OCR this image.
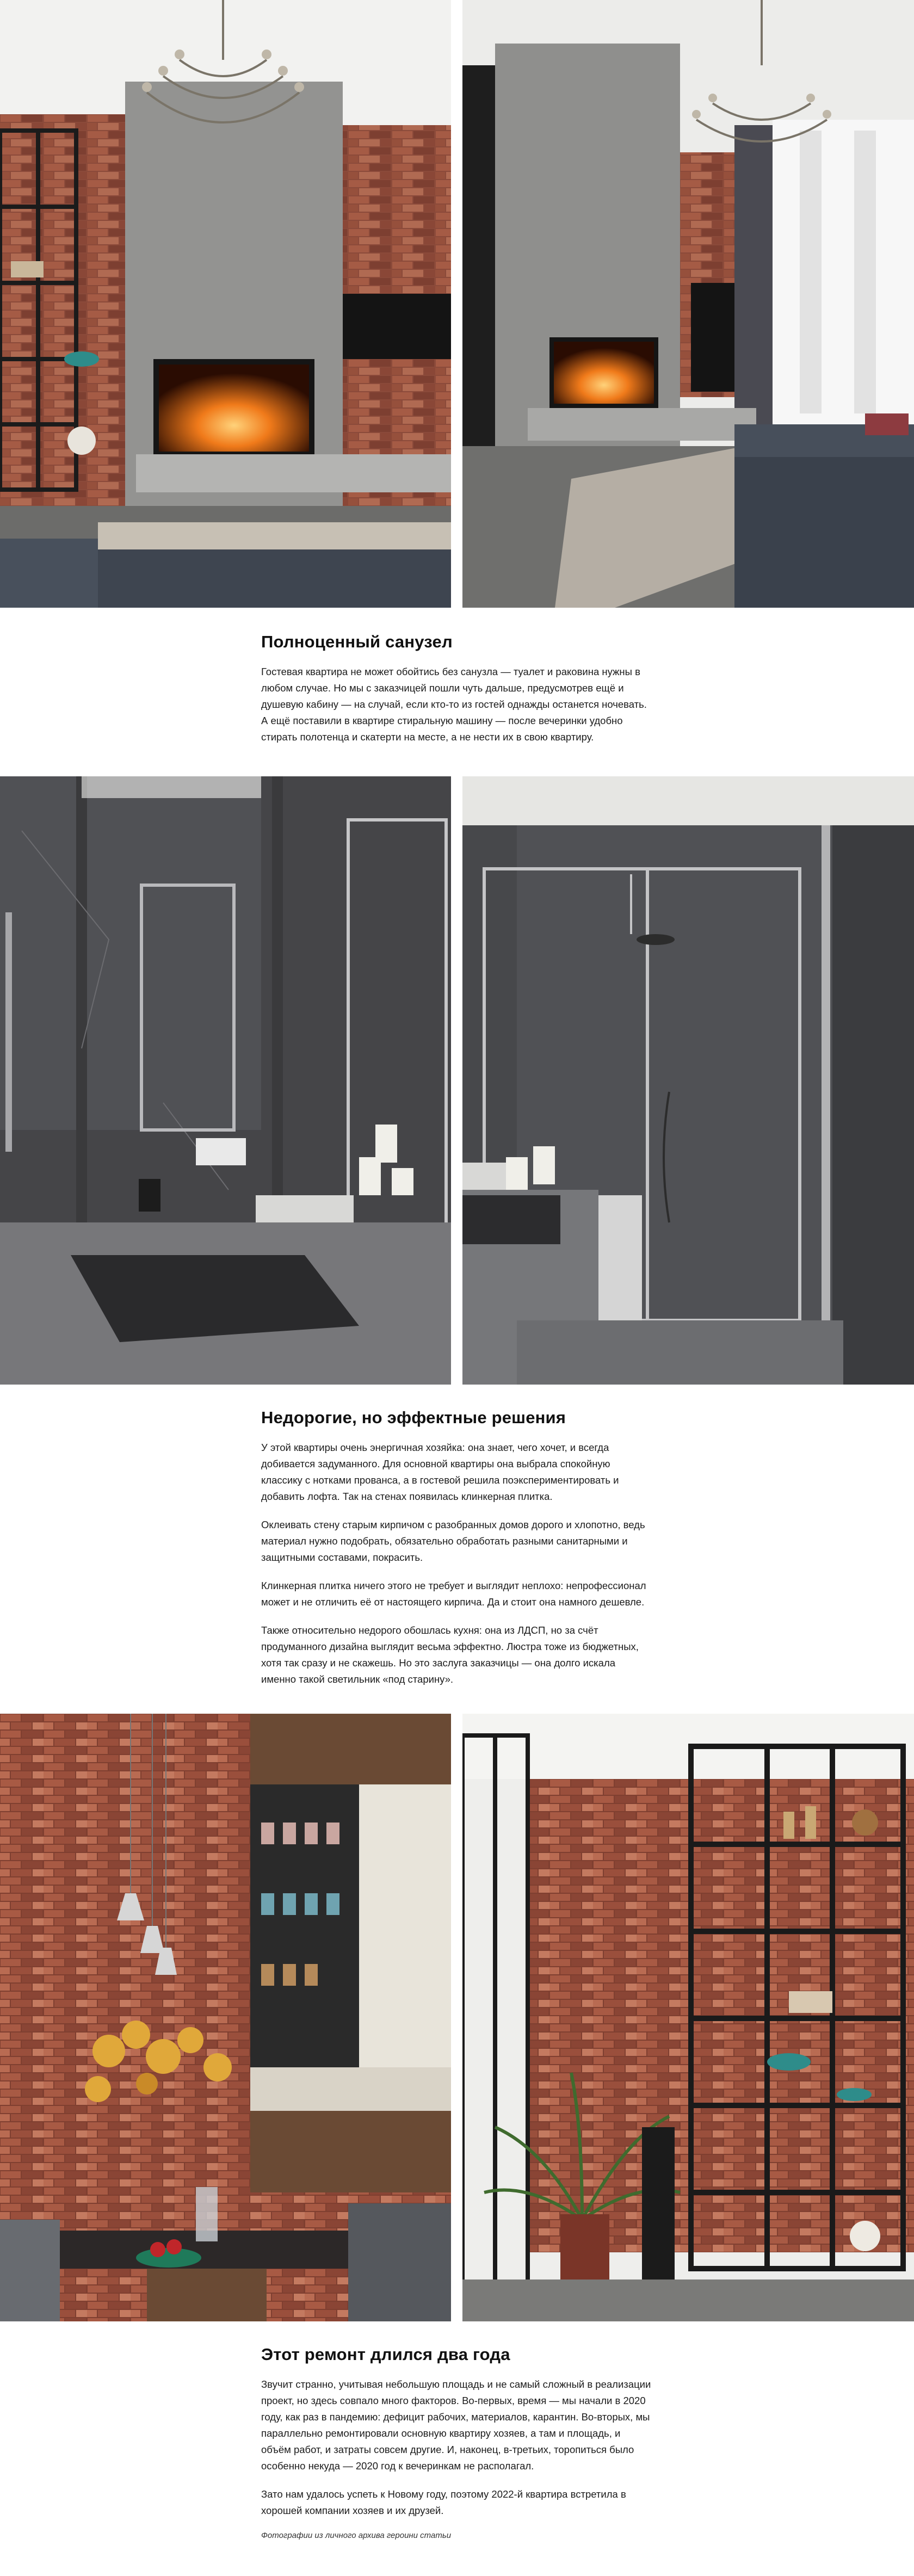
Полноценный санузел

Гостевая квартира не может обойтись без санузла — туалет и раковина нужны в любом случае. Но мы с заказчицей пошли чуть дальше, предусмотрев ещё и душевую кабину — на случай, если кто-то из гостей однажды останется ночевать. А ещё поставили в квартире стиральную машину — после вечеринки удобно стирать полотенца и скатерти на месте, а не нести их в свою квартиру.

Недорогие, но эффектные решения

У этой квартиры очень энергичная хозяйка: она знает, чего хочет, и всегда добивается задуманного. Для основной квартиры она выбрала спокойную классику с нотками прованса, а в гостевой решила поэкспериментировать и добавить лофта. Так на стенах появилась клинкерная плитка.

Оклеивать стену старым кирпичом с разобранных домов дорого и хлопотно, ведь материал нужно подобрать, обязательно обработать разными санитарными и защитными составами, покрасить.

Клинкерная плитка ничего этого не требует и выглядит неплохо: непрофессионал может и не отличить её от настоящего кирпича. Да и стоит она намного дешевле.

Также относительно недорого обошлась кухня: она из ЛДСП, но за счёт продуманного дизайна выглядит весьма эффектно. Люстра тоже из бюджетных, хотя так сразу и не скажешь. Но это заслуга заказчицы — она долго искала именно такой светильник «под старину».

Этот ремонт длился два года

Звучит странно, учитывая небольшую площадь и не самый сложный в реализации проект, но здесь совпало много факторов. Во-первых, время — мы начали в 2020 году, как раз в пандемию: дефицит рабочих, материалов, карантин. Во-вторых, мы параллельно ремонтировали основную квартиру хозяев, а там и площадь, и объём работ, и затраты совсем другие. И, наконец, в-третьих, торопиться было особенно некуда — 2020 год к вечеринкам не располагал.

Зато нам удалось успеть к Новому году, поэтому 2022-й квартира встретила в хорошей компании хозяев и их друзей.

Фотографии из личного архива героини статьи
